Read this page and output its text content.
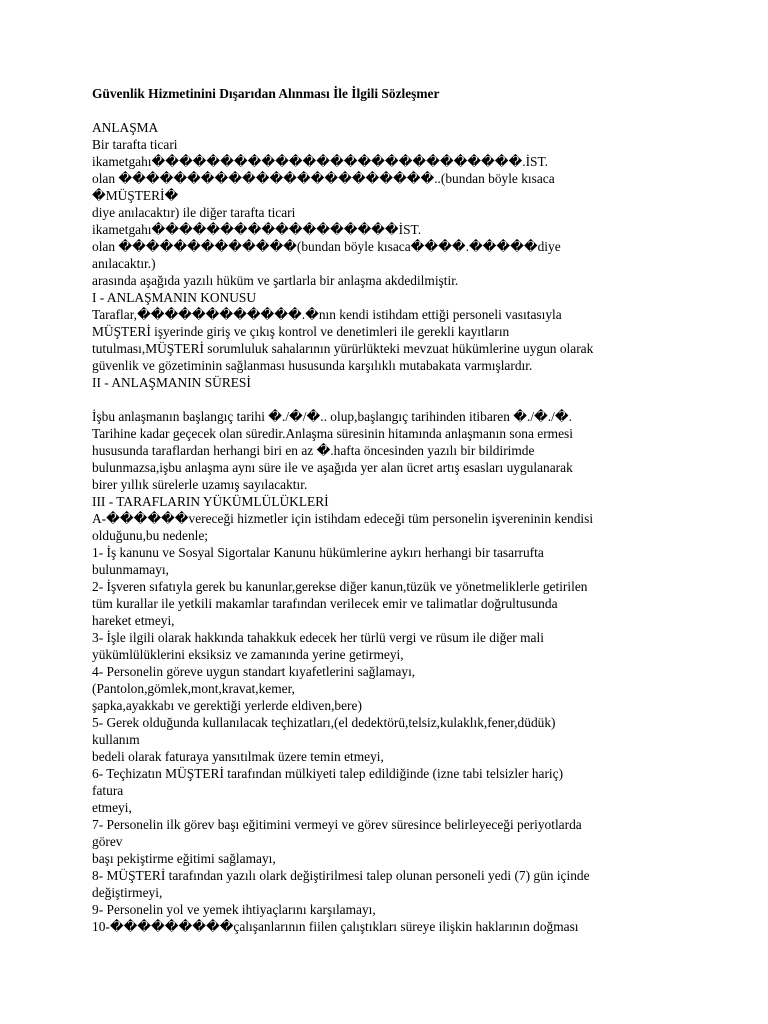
Güvenlik Hizmetinini Dışarıdan Alınması İle İlgili Sözleşmer

ANLAŞMA

Bir tarafta ticari

ikametgahı���������������������������.İST.

olan �����������������������..(bundan böyle kısaca

�MÜŞTERİ�

diye anılacaktır) ile diğer tarafta ticari

ikametgahı������������������İST.

olan �������������(bundan böyle kısaca����.�����diye

anılacaktır.)

arasında aşağıda yazılı hüküm ve şartlarla bir anlaşma akdedilmiştir.

I - ANLAŞMANIN KONUSU

Taraflar,������������.�nın kendi istihdam ettiği personeli vasıtasıyla

MÜŞTERİ işyerinde giriş ve çıkış kontrol ve denetimleri ile gerekli kayıtların

tutulması,MÜŞTERİ sorumluluk sahalarının yürürlükteki mevzuat hükümlerine uygun olarak

güvenlik ve gözetiminin sağlanması hususunda karşılıklı mutabakata varmışlardır.

II - ANLAŞMANIN SÜRESİ

İşbu anlaşmanın başlangıç tarihi �./�/�.. olup,başlangıç tarihinden itibaren �./�./�.

Tarihine kadar geçecek olan süredir.Anlaşma süresinin hitamında anlaşmanın sona ermesi

hususunda taraflardan herhangi biri en az �.hafta öncesinden yazılı bir bildirimde

bulunmazsa,işbu anlaşma aynı süre ile ve aşağıda yer alan ücret artış esasları uygulanarak

birer yıllık sürelerle uzamış sayılacaktır.

III - TARAFLARIN YÜKÜMLÜLÜKLERİ

A-������vereceği hizmetler için istihdam edeceği tüm personelin işvereninin kendisi

olduğunu,bu nedenle;

1- İş kanunu ve Sosyal Sigortalar Kanunu hükümlerine aykırı herhangi bir tasarrufta

bulunmamayı,

2- İşveren sıfatıyla gerek bu kanunlar,gerekse diğer kanun,tüzük ve yönetmeliklerle getirilen

tüm kurallar ile yetkili makamlar tarafından verilecek emir ve talimatlar doğrultusunda

hareket etmeyi,

3- İşle ilgili olarak hakkında tahakkuk edecek her türlü vergi ve rüsum ile diğer mali

yükümlülüklerini eksiksiz ve zamanında yerine getirmeyi,

4- Personelin göreve uygun standart kıyafetlerini sağlamayı,

(Pantolon,gömlek,mont,kravat,kemer,

şapka,ayakkabı ve gerektiği yerlerde eldiven,bere)

5- Gerek olduğunda kullanılacak teçhizatları,(el dedektörü,telsiz,kulaklık,fener,düdük)

kullanım

bedeli olarak faturaya yansıtılmak üzere temin etmeyi,

6- Teçhizatın MÜŞTERİ tarafından mülkiyeti talep edildiğinde (izne tabi telsizler hariç)

fatura

etmeyi,

7- Personelin ilk görev başı eğitimini vermeyi ve görev süresince belirleyeceği periyotlarda

görev

başı pekiştirme eğitimi sağlamayı,

8- MÜŞTERİ tarafından yazılı olark değiştirilmesi talep olunan personeli yedi (7) gün içinde

değiştirmeyi,

9- Personelin yol ve yemek ihtiyaçlarını karşılamayı,

10-���������çalışanlarının fiilen çalıştıkları süreye ilişkin haklarının doğması
